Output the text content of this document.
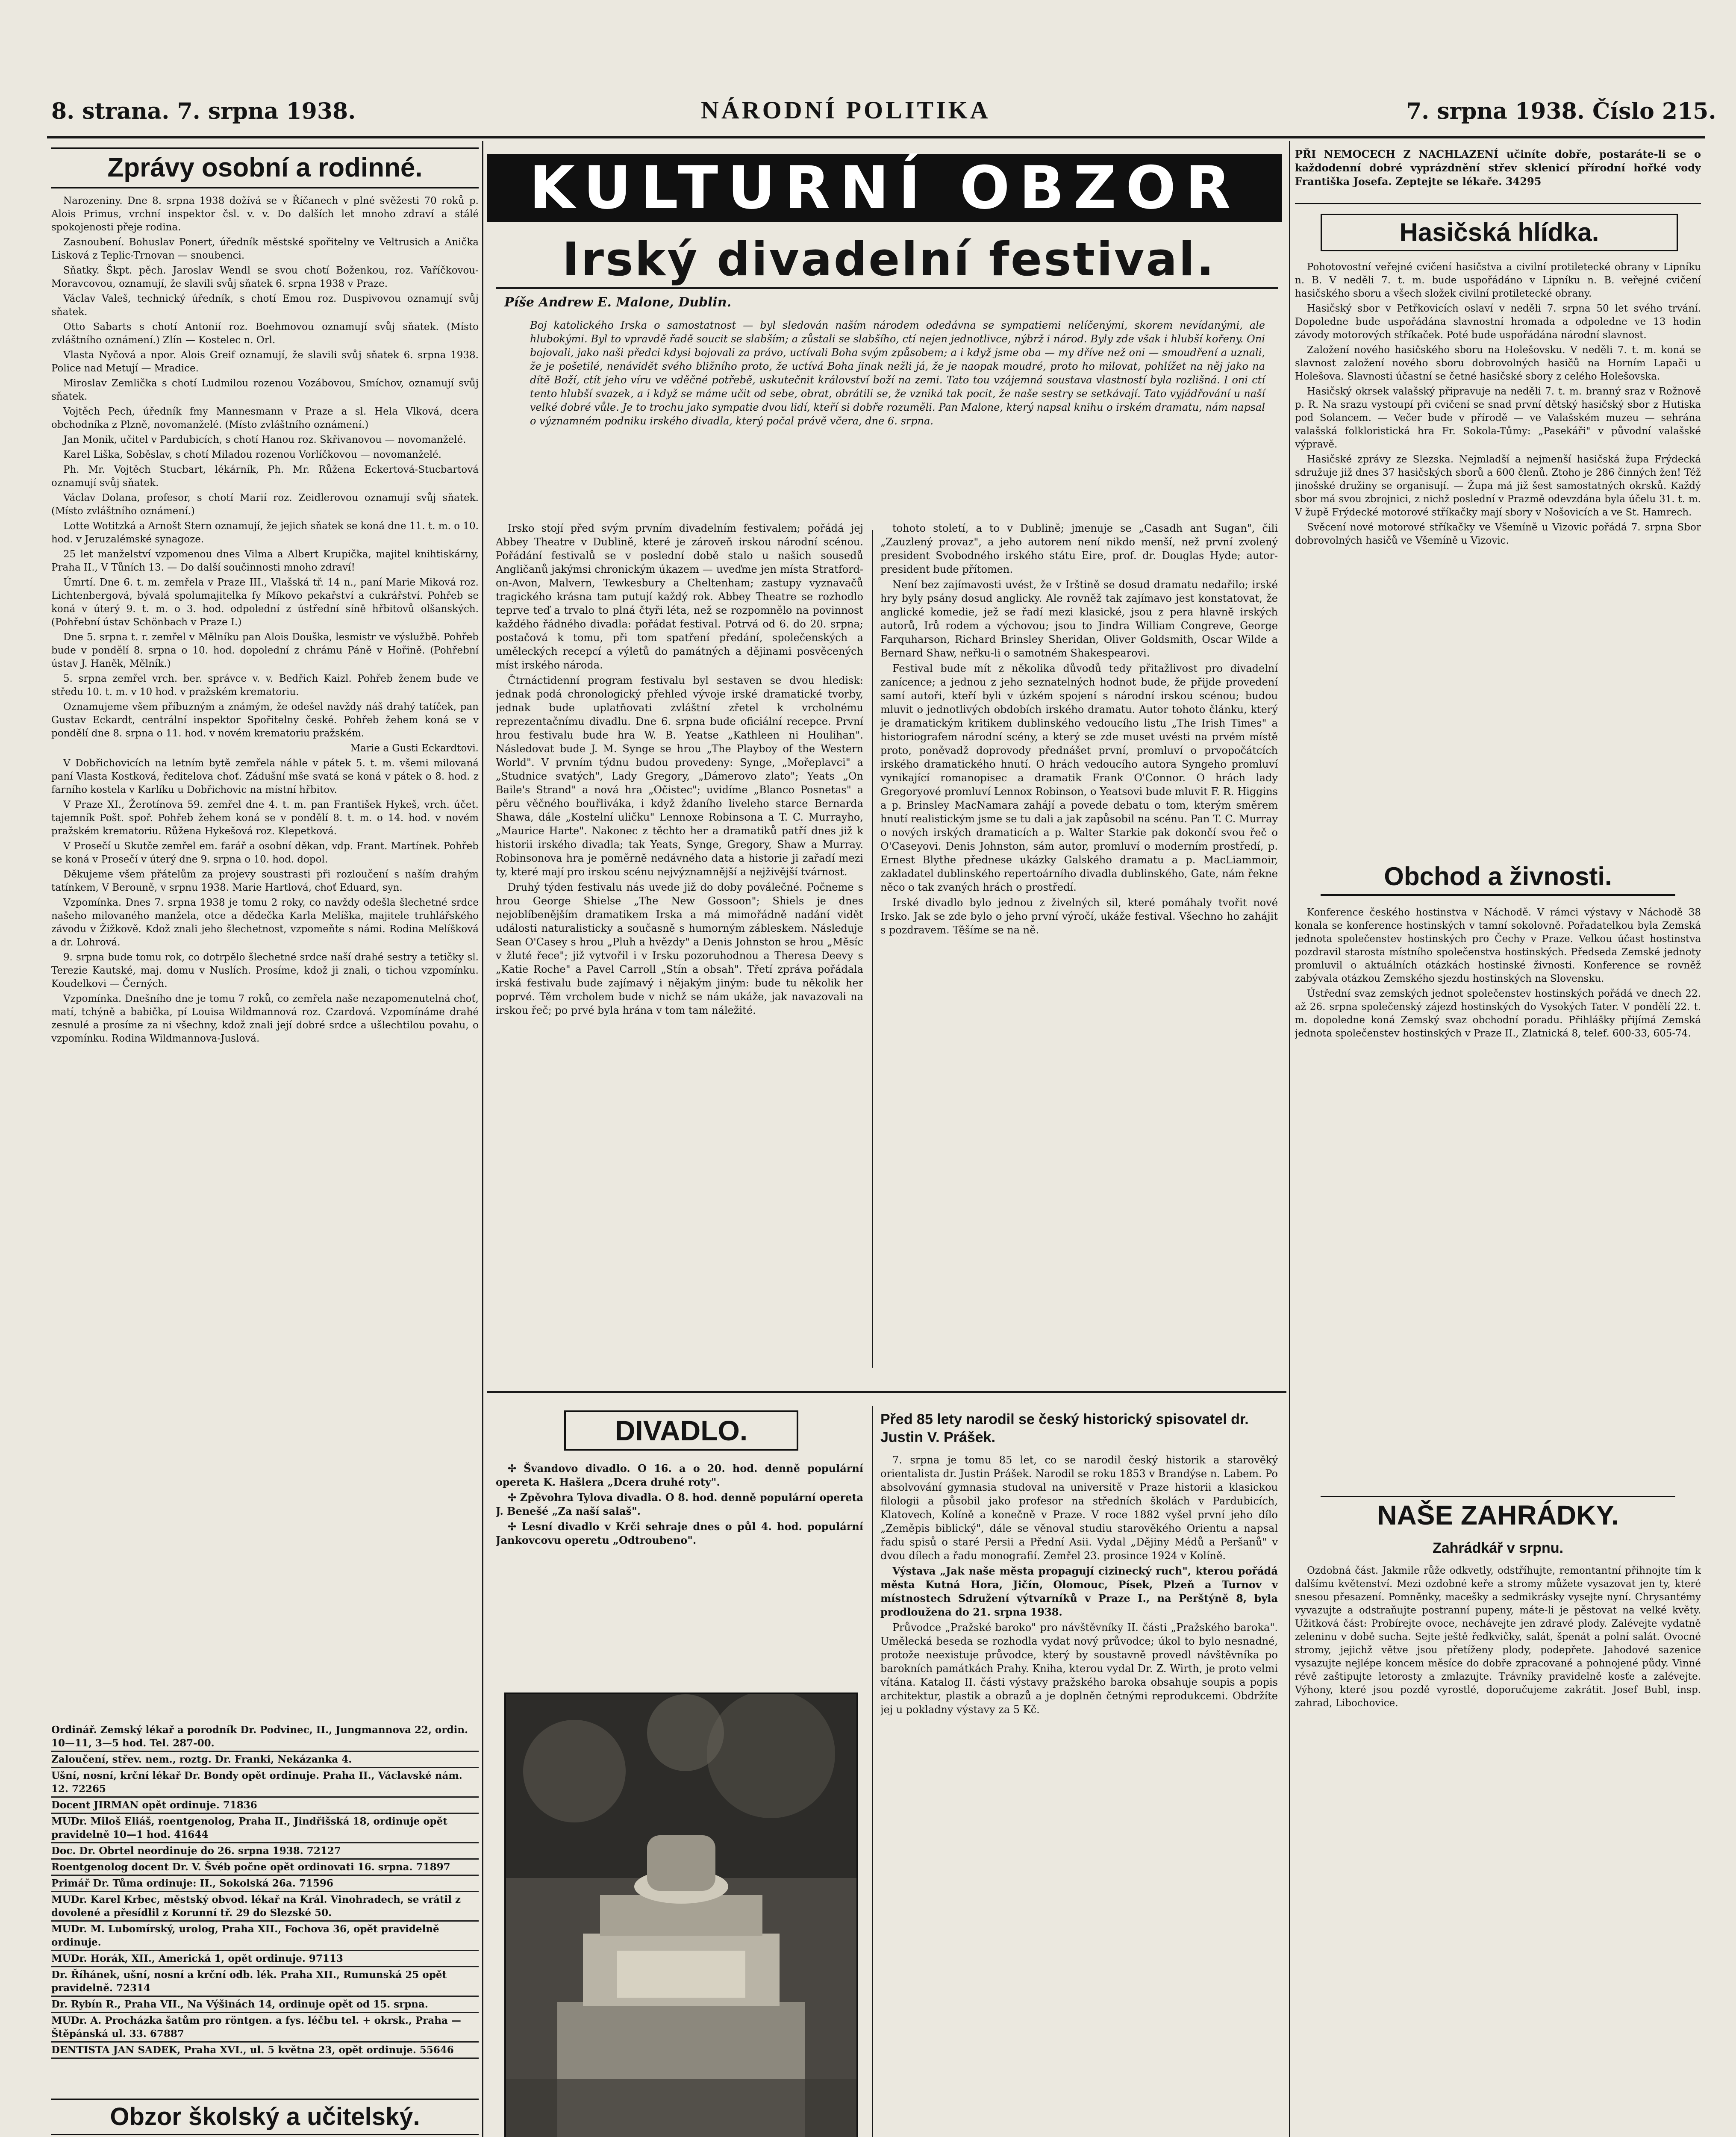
8. strana. 7. srpna 1938.	NÁRODNÍ POLITIKA	7. srpna 1938. Číslo 215.
Zprávy osobní a rodinné.

Narozeniny. Dne 8. srpna 1938 dožívá se v Říčanech v plné svěžesti 70 roků p. Alois Primus, vrchní inspektor čsl. v. v. Do dalších let mnoho zdraví a stálé spokojenosti přeje rodina.

Zasnoubení. Bohuslav Ponert, úředník městské spořitelny ve Veltrusich a Anička Lisková z Teplic-Trnovan — snoubenci.

Sňatky. Škpt. pěch. Jaroslav Wendl se svou chotí Boženkou, roz. Vaříčkovou-Moravcovou, oznamují, že slavili svůj sňatek 6. srpna 1938 v Praze.

Václav Valeš, technický úředník, s chotí Emou roz. Duspivovou oznamují svůj sňatek.

Otto Sabarts s chotí Antonií roz. Boehmovou oznamují svůj sňatek. (Místo zvláštního oznámení.) Zlín — Kostelec n. Orl.

Vlasta Nyčová a npor. Alois Greif oznamují, že slavili svůj sňatek 6. srpna 1938. Police nad Metují — Mradice.

Miroslav Zemlička s chotí Ludmilou rozenou Vozábovou, Smíchov, oznamují svůj sňatek.

Vojtěch Pech, úředník fmy Mannesmann v Praze a sl. Hela Vlková, dcera obchodníka z Plzně, novomanželé. (Místo zvláštního oznámení.)

Jan Monik, učitel v Pardubicích, s chotí Hanou roz. Skřivanovou — novomanželé.

Karel Liška, Soběslav, s chotí Miladou rozenou Vorlíčkovou — novomanželé.

Ph. Mr. Vojtěch Stucbart, lékárník, Ph. Mr. Růžena Eckertová-Stucbartová oznamují svůj sňatek.

Václav Dolana, profesor, s chotí Marií roz. Zeidlerovou oznamují svůj sňatek. (Místo zvláštního oznámení.)

Lotte Wotitzká a Arnošt Stern oznamují, že jejich sňatek se koná dne 11. t. m. o 10. hod. v Jeruzalémské synagoze.

25 let manželství vzpomenou dnes Vilma a Albert Krupička, majitel knihtiskárny, Praha II., V Tůních 13. — Do další součinnosti mnoho zdraví!

Úmrtí. Dne 6. t. m. zemřela v Praze III., Vlašská tř. 14 n., paní Marie Miková roz. Lichtenbergová, bývalá spolumajitelka fy Míkovo pekařství a cukrářství. Pohřeb se koná v úterý 9. t. m. o 3. hod. odpolední z ústřední síně hřbitovů olšanských. (Pohřební ústav Schönbach v Praze I.)

Dne 5. srpna t. r. zemřel v Mělníku pan Alois Douška, lesmistr ve výslužbě. Pohřeb bude v pondělí 8. srpna o 10. hod. dopolední z chrámu Páně v Hořině. (Pohřební ústav J. Haněk, Mělník.)

5. srpna zemřel vrch. ber. správce v. v. Bedřich Kaizl. Pohřeb ženem bude ve středu 10. t. m. v 10 hod. v pražském krematoriu.

Oznamujeme všem příbuzným a známým, že odešel navždy náš drahý tatíček, pan Gustav Eckardt, centrální inspektor Spořitelny české. Pohřeb žehem koná se v pondělí dne 8. srpna o 11. hod. v novém krematoriu pražském.

Marie a Gusti Eckardtovi.

V Dobřichovicích na letním bytě zemřela náhle v pátek 5. t. m. všemi milovaná paní Vlasta Kostková, ředitelova choť. Zádušní mše svatá se koná v pátek o 8. hod. z farního kostela v Karlíku u Dobřichovic na místní hřbitov.

V Praze XI., Žerotínova 59. zemřel dne 4. t. m. pan František Hykeš, vrch. účet. tajemník Pošt. spoř. Pohřeb žehem koná se v pondělí 8. t. m. o 14. hod. v novém pražském krematoriu. Růžena Hykešová roz. Klepetková.

V Prosečí u Skutče zemřel em. farář a osobní děkan, vdp. Frant. Martínek. Pohřeb se koná v Prosečí v úterý dne 9. srpna o 10. hod. dopol.

Děkujeme všem přátelům za projevy soustrasti při rozloučení s naším drahým tatínkem, V Berouně, v srpnu 1938. Marie Hartlová, choť Eduard, syn.

Vzpomínka. Dnes 7. srpna 1938 je tomu 2 roky, co navždy odešla šlechetné srdce našeho milovaného manžela, otce a dědečka Karla Melíška, majitele truhlářského závodu v Žižkově. Kdož znali jeho šlechetnost, vzpomeňte s námi. Rodina Melíšková a dr. Lohrová.

9. srpna bude tomu rok, co dotrpělo šlechetné srdce naší drahé sestry a tetičky sl. Terezie Kautské, maj. domu v Nuslích. Prosíme, kdož ji znali, o tichou vzpomínku. Koudelkovi — Černých.

Vzpomínka. Dnešního dne je tomu 7 roků, co zemřela naše nezapomenutelná choť, matí, tchýně a babička, pí Louisa Wildmannová roz. Czardová. Vzpomínáme drahé zesnulé a prosíme za ni všechny, kdož znali její dobré srdce a ušlechtilou povahu, o vzpomínku. Rodina Wildmannova-Juslová.

Ordinář. Zemský lékař a porodník Dr. Podvinec, II., Jungmannova 22, ordin. 10—11, 3—5 hod. Tel. 287-00.
Zaloučení, střev. nem., roztg. Dr. Franki, Nekázanka 4.
Ušní, nosní, krční lékař Dr. Bondy opět ordinuje. Praha II., Václavské nám. 12. 72265
Docent JIRMAN opět ordinuje. 71836
MUDr. Miloš Eliáš, roentgenolog, Praha II., Jindřišská 18, ordinuje opět pravidelně 10—1 hod. 41644
Doc. Dr. Obrtel neordinuje do 26. srpna 1938. 72127
Roentgenolog docent Dr. V. Švéb počne opět ordinovati 16. srpna. 71897
Primář Dr. Tůma ordinuje: II., Sokolská 26a. 71596
MUDr. Karel Krbec, městský obvod. lékař na Král. Vinohradech, se vrátil z dovolené a přesídlil z Korunní tř. 29 do Slezské 50.
MUDr. M. Lubomírský, urolog, Praha XII., Fochova 36, opět pravidelně ordinuje.
MUDr. Horák, XII., Americká 1, opět ordinuje. 97113
Dr. Říhánek, ušní, nosní a krční odb. lék. Praha XII., Rumunská 25 opět pravidelně. 72314
Dr. Rybín R., Praha VII., Na Výšinách 14, ordinuje opět od 15. srpna.
MUDr. A. Procházka šatům pro röntgen. a fys. léčbu tel. + okrsk., Praha — Štěpánská ul. 33. 67887
DENTISTA JAN SADEK, Praha XVI., ul. 5 května 23, opět ordinuje. 55646
Obzor školský a učitelský.

KULTURNÍ OBZOR
Irský divadelní festival.
Píše Andrew E. Malone, Dublin.
Boj katolického Irska o samostatnost — byl sledován naším národem odedávna se sympatiemi nelíčenými, skorem nevídanými, ale hlubokými. Byl to vpravdě řadě soucit se slabším; a zůstali se slabšího, ctí nejen jednotlivce, nýbrž i národ. Byly zde však i hlubší kořeny. Oni bojovali, jako naši předci kdysi bojovali za právo, uctívali Boha svým způsobem; a i když jsme oba — my dříve než oni — smoudření a uznali, že je pošetilé, nenávidět svého bližního proto, že uctívá Boha jinak nežli já, že je naopak moudré, proto ho milovat, pohlížet na něj jako na dítě Boží, ctít jeho víru ve vděčné potřebě, uskutečnit království boží na zemi. Tato tou vzájemná soustava vlastností byla rozlišná. I oni ctí tento hlubší svazek, a i když se máme učit od sebe, obrat, obrátili se, že vzniká tak pocit, že naše sestry se setkávají. Tato vyjádřování u naší velké dobré vůle. Je to trochu jako sympatie dvou lidí, kteří si dobře rozuměli. Pan Malone, který napsal knihu o irském dramatu, nám napsal o významném podniku irského divadla, který počal právě včera, dne 6. srpna.

Irsko stojí před svým prvním divadelním festivalem; pořádá jej Abbey Theatre v Dublině, které je zároveň irskou národní scénou. Pořádání festivalů se v poslední době stalo u našich sousedů Angličanů jakýmsi chronickým úkazem — uveďme jen místa Stratford-on-Avon, Malvern, Tewkesbury a Cheltenham; zastupy vyznavačů tragického krásna tam putují každý rok. Abbey Theatre se rozhodlo teprve teď a trvalo to plná čtyři léta, než se rozpomnělo na povinnost každého řádného divadla: pořádat festival. Potrvá od 6. do 20. srpna; postačová k tomu, při tom spatření předání, společenských a uměleckých recepcí a výletů do památných a dějinami posvěcených míst irského národa.

Čtrnáctidenní program festivalu byl sestaven se dvou hledisk: jednak podá chronologický přehled vývoje irské dramatické tvorby, jednak bude uplatňovati zvláštní zřetel k vrcholnému reprezentačnímu divadlu. Dne 6. srpna bude oficiální recepce. První hrou festivalu bude hra W. B. Yeatse „Kathleen ni Houlihan". Následovat bude J. M. Synge se hrou „The Playboy of the Western World". V prvním týdnu budou provedeny: Synge, „Mořeplavci" a „Studnice svatých", Lady Gregory, „Dámerovo zlato"; Yeats „On Baile's Strand" a nová hra „Očistec"; uvidíme „Blanco Posnetas" a pěru věčného bouřliváka, i když ždaního liveleho starce Bernarda Shawa, dále „Kostelní uličku" Lennoxe Robinsona a T. C. Murrayho, „Maurice Harte". Nakonec z těchto her a dramatiků patří dnes již k historii irského divadla; tak Yeats, Synge, Gregory, Shaw a Murray. Robinsonova hra je poměrně nedávného data a historie ji zařadí mezi ty, které mají pro irskou scénu nejvýznamnější a nejživější tvárnost.

Druhý týden festivalu nás uvede již do doby poválečné. Počneme s hrou George Shielse „The New Gossoon"; Shiels je dnes nejoblíbenějším dramatikem Irska a má mimořádně nadání vidět události naturalisticky a současně s humorným zábleskem. Následuje Sean O'Casey s hrou „Pluh a hvězdy" a Denis Johnston se hrou „Měsíc v žluté řece"; již vytvořil i v Irsku pozoruhodnou a Theresa Deevy s „Katie Roche" a Pavel Carroll „Stín a obsah". Třetí zpráva pořádala irská festivalu bude zajímavý i nějakým jiným: bude tu několik her poprvé. Těm vrcholem bude v nichž se nám ukáže, jak navazovali na irskou řeč; po prvé byla hrána v tom tam náležité.

tohoto století, a to v Dublině; jmenuje se „Casadh ant Sugan", čili „Zauzlený provaz", a jeho autorem není nikdo menší, než první zvolený president Svobodného irského státu Eire, prof. dr. Douglas Hyde; autor-president bude přítomen.

Není bez zajímavosti uvést, že v Irštině se dosud dramatu nedařilo; irské hry byly psány dosud anglicky. Ale rovněž tak zajímavo jest konstatovat, že anglické komedie, jež se řadí mezi klasické, jsou z pera hlavně irských autorů, Irů rodem a výchovou; jsou to Jindra William Congreve, George Farquharson, Richard Brinsley Sheridan, Oliver Goldsmith, Oscar Wilde a Bernard Shaw, neřku-li o samotném Shakespearovi.

Festival bude mít z několika důvodů tedy přitažlivost pro divadelní zanícence; a jednou z jeho seznatelných hodnot bude, že přijde provedení samí autoři, kteří byli v úzkém spojení s národní irskou scénou; budou mluvit o jednotlivých obdobích irského dramatu. Autor tohoto článku, který je dramatickým kritikem dublinského vedoucího listu „The Irish Times" a historiografem národní scény, a který se zde muset uvésti na prvém místě proto, poněvadž doprovody přednášet první, promluví o prvopočátcích irského dramatického hnutí. O hrách vedoucího autora Syngeho promluví vynikající romanopisec a dramatik Frank O'Connor. O hrách lady Gregoryové promluví Lennox Robinson, o Yeatsovi bude mluvit F. R. Higgins a p. Brinsley MacNamara zahájí a povede debatu o tom, kterým směrem hnutí realistickým jsme se tu dali a jak zapůsobil na scénu. Pan T. C. Murray o nových irských dramaticích a p. Walter Starkie pak dokončí svou řeč o O'Caseyovi. Denis Johnston, sám autor, promluví o moderním prostředí, p. Ernest Blythe přednese ukázky Galského dramatu a p. MacLiammoir, zakladatel dublinského repertoárního divadla dublinského, Gate, nám řekne něco o tak zvaných hrách o prostředí.

Irské divadlo bylo jednou z živelných sil, které pomáhaly tvořit nové Irsko. Jak se zde bylo o jeho první výročí, ukáže festival. Všechno ho zahájit s pozdravem. Těšíme se na ně.

DIVADLO.

✢ Švandovo divadlo. O 16. a o 20. hod. denně populární opereta K. Hašlera „Dcera druhé roty".

✢ Zpěvohra Tylova divadla. O 8. hod. denně populární opereta J. Benešé „Za naší salaš".

✢ Lesní divadlo v Krči sehraje dnes o půl 4. hod. populární Jankovcovu operetu „Odtroubeno".

Před 85 lety narodil se český historický spisovatel dr. Justin V. Prášek.

7. srpna je tomu 85 let, co se narodil český historik a starověký orientalista dr. Justin Prášek. Narodil se roku 1853 v Brandýse n. Labem. Po absolvování gymnasia studoval na universitě v Praze historii a klasickou filologii a působil jako profesor na středních školách v Pardubicích, Klatovech, Kolíně a konečně v Praze. V roce 1882 vyšel první jeho dílo „Zeměpis biblický", dále se věnoval studiu starověkého Orientu a napsal řadu spisů o staré Persii a Přední Asii. Vydal „Dějiny Médů a Peršanů" v dvou dílech a řadu monografií. Zemřel 23. prosince 1924 v Kolíně.

Výstava „Jak naše města propagují cizinecký ruch", kterou pořádá města Kutná Hora, Jičín, Olomouc, Písek, Plzeň a Turnov v místnostech Sdružení výtvarníků v Praze I., na Perštýně 8, byla prodloužena do 21. srpna 1938.

Průvodce „Pražské baroko" pro návštěvníky II. části „Pražského baroka". Umělecká beseda se rozhodla vydat nový průvodce; úkol to bylo nesnadné, protože neexistuje průvodce, který by soustavně provedl návštěvníka po barokních památkách Prahy. Kniha, kterou vydal Dr. Z. Wirth, je proto velmi vítána. Katalog II. části výstavy pražského baroka obsahuje soupis a popis architektur, plastik a obrazů a je doplněn četnými reprodukcemi. Obdržíte jej u pokladny výstavy za 5 Kč.

PŘI NEMOCECH Z NACHLAZENÍ učiníte dobře, postaráte-li se o každodenní dobré vyprázdnění střev sklenicí přírodní hořké vody Františka Josefa. Zeptejte se lékaře. 34295

Hasičská hlídka.

Pohotovostní veřejné cvičení hasičstva a civilní protiletecké obrany v Lipníku n. B. V neděli 7. t. m. bude uspořádáno v Lipníku n. B. veřejné cvičení hasičského sboru a všech složek civilní protiletecké obrany.

Hasičský sbor v Petřkovicích oslaví v neděli 7. srpna 50 let svého trvání. Dopoledne bude uspořádána slavnostní hromada a odpoledne ve 13 hodin závody motorových stříkaček. Poté bude uspořádána národní slavnost.

Založení nového hasičského sboru na Holešovsku. V neděli 7. t. m. koná se slavnost založení nového sboru dobrovolných hasičů na Horním Lapači u Holešova. Slavnosti účastní se četné hasičské sbory z celého Holešovska.

Hasičský okrsek valašský připravuje na neděli 7. t. m. branný sraz v Rožnově p. R. Na srazu vystoupí při cvičení se snad první dětský hasičský sbor z Hutiska pod Solancem. — Večer bude v přírodě — ve Valašském muzeu — sehrána valašská folkloristická hra Fr. Sokola-Tůmy: „Pasekáři" v původní valašské výpravě.

Hasičské zprávy ze Slezska. Nejmladší a nejmenší hasičská župa Frýdecká sdružuje již dnes 37 hasičských sborů a 600 členů. Ztoho je 286 činných žen! Též jinošské družiny se organisují. — Župa má již šest samostatných okrsků. Každý sbor má svou zbrojnici, z nichž poslední v Prazmě odevzdána byla účelu 31. t. m. V župě Frýdecké motorové stříkačky mají sbory v Nošovicích a ve St. Hamrech.

Svěcení nové motorové stříkačky ve Všemíně u Vizovic pořádá 7. srpna Sbor dobrovolných hasičů ve Všemíně u Vizovic.

Obchod a živnosti.

Konference českého hostinstva v Náchodě. V rámci výstavy v Náchodě 38 konala se konference hostinských v tamní sokolovně. Pořadatelkou byla Zemská jednota společenstev hostinských pro Čechy v Praze. Velkou účast hostinstva pozdravil starosta místního společenstva hostinských. Předseda Zemské jednoty promluvil o aktuálních otázkách hostinské živnosti. Konference se rovněž zabývala otázkou Zemského sjezdu hostinských na Slovensku.

Ústřední svaz zemských jednot společenstev hostinských pořádá ve dnech 22. až 26. srpna společenský zájezd hostinských do Vysokých Tater. V pondělí 22. t. m. dopoledne koná Zemský svaz obchodní poradu. Přihlášky přijímá Zemská jednota společenstev hostinských v Praze II., Zlatnická 8, telef. 600-33, 605-74.

NAŠE ZAHRÁDKY.
Zahrádkář v srpnu.

Ozdobná část. Jakmile růže odkvetly, odstříhujte, remontantní přihnojte tím k dalšímu květenství. Mezi ozdobné keře a stromy můžete vysazovat jen ty, které snesou přesazení. Pomněnky, macešky a sedmikrásky vysejte nyní. Chrysantémy vyvazujte a odstraňujte postranní pupeny, máte-li je pěstovat na velké květy. Užitková část: Probírejte ovoce, nechávejte jen zdravé plody. Zalévejte vydatně zeleninu v době sucha. Sejte ještě ředkvičky, salát, špenát a polní salát. Ovocné stromy, jejichž větve jsou přetíženy plody, podepřete. Jahodové sazenice vysazujte nejlépe koncem měsíce do dobře zpracované a pohnojené půdy. Vinné révě zaštipujte letorosty a zmlazujte. Trávníky pravidelně kosťe a zalévejte. Výhony, které jsou pozdě vyrostlé, doporučujeme zakrátit. Josef Bubl, insp. zahrad, Libochovice.
